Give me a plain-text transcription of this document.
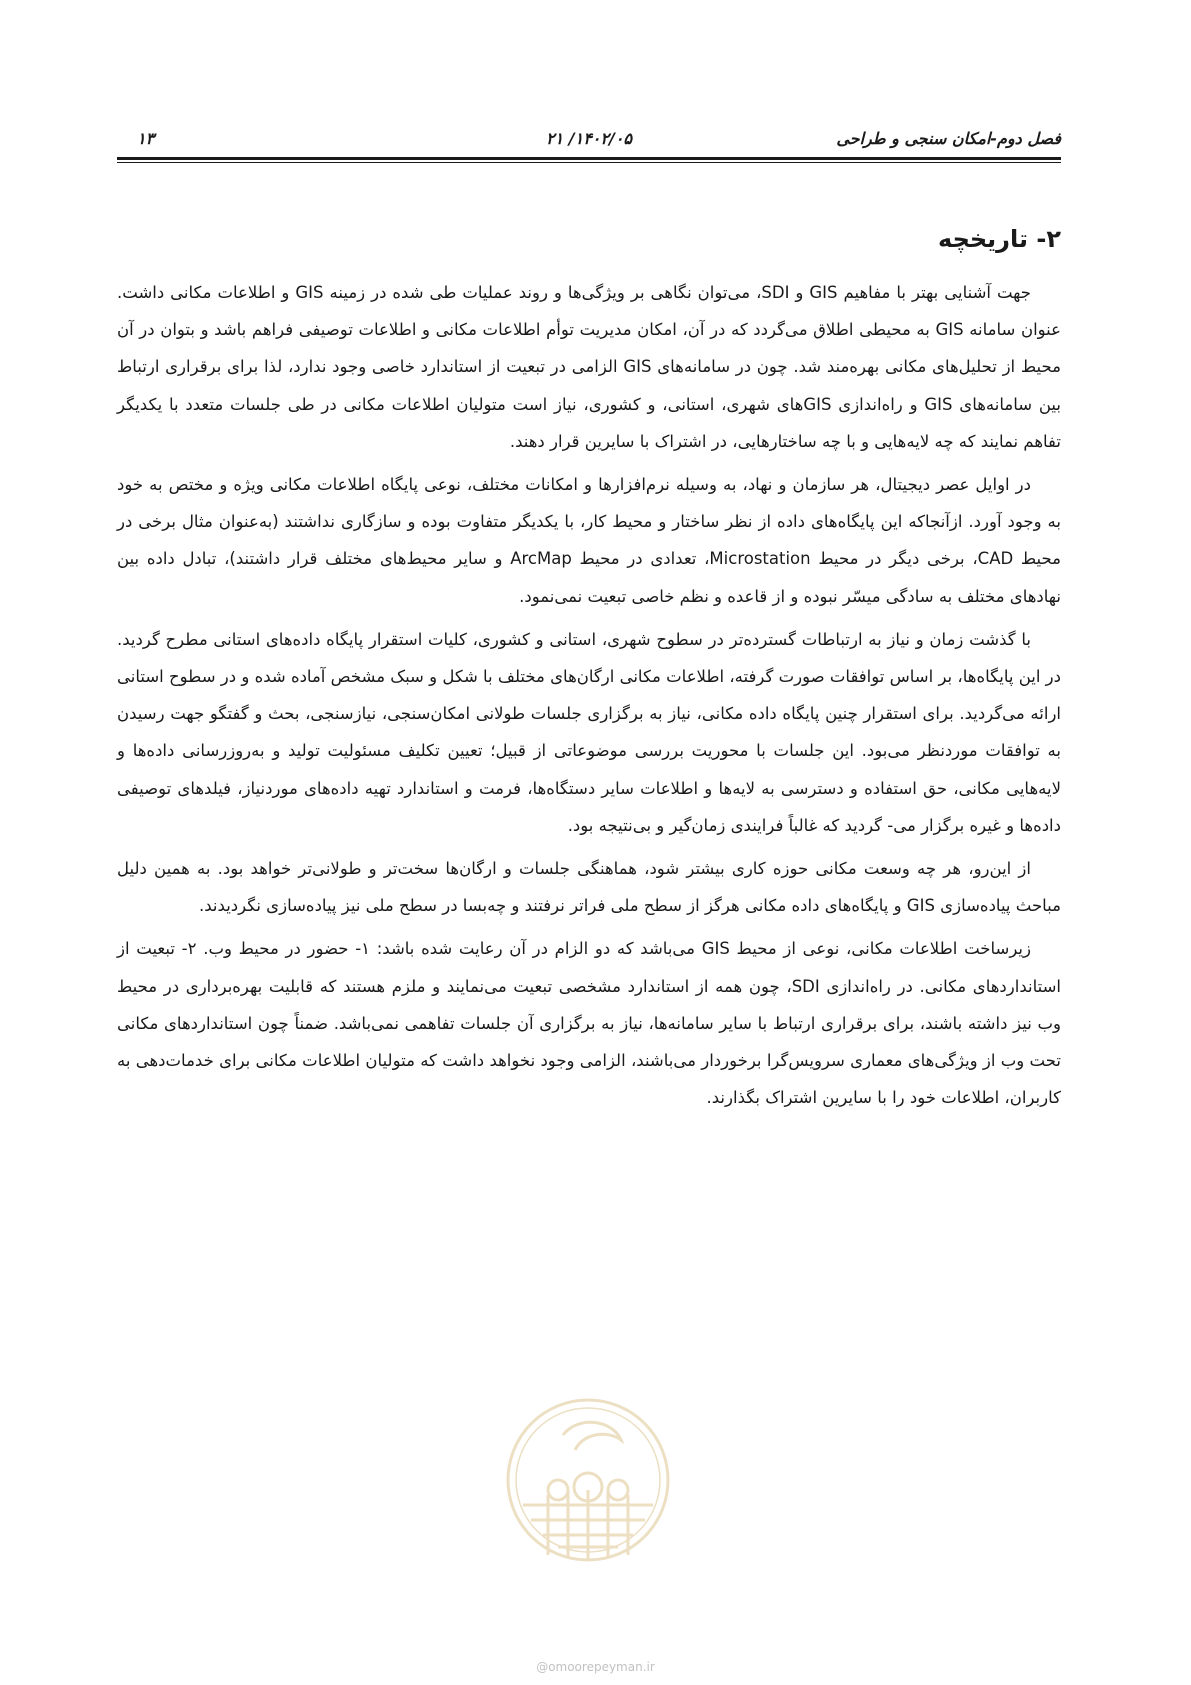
فصل دوم-امکان سنجی و طراحی
۱۴۰۲/۰۵/ ۲۱
۱۳
۲- تاریخچه

جهت آشنایی بهتر با مفاهیم GIS و SDI، می‌توان نگاهی بر ویژگی‌ها و روند عملیات طی شده در زمینه GIS و اطلاعات مکانی داشت. عنوان سامانه GIS به محیطی اطلاق می‌گردد که در آن، امکان مدیریت توأم اطلاعات مکانی و اطلاعات توصیفی فراهم باشد و بتوان در آن محیط از تحلیل‌های مکانی بهره‌مند شد. چون در سامانه‌های GIS الزامی در تبعیت از استاندارد خاصی وجود ندارد، لذا برای برقراری ارتباط بین سامانه‌های GIS و راه‌اندازی GISهای شهری، استانی، و کشوری، نیاز است متولیان اطلاعات مکانی در طی جلسات متعدد با یکدیگر تفاهم نمایند که چه لایه‌هایی و با چه ساختارهایی، در اشتراک با سایرین قرار دهند.

در اوایل عصر دیجیتال، هر سازمان و نهاد، به وسیله نرم‌افزارها و امکانات مختلف، نوعی پایگاه اطلاعات مکانی ویژه و مختص به خود به وجود آورد. ازآنجاکه این پایگاه‌های داده از نظر ساختار و محیط کار، با یکدیگر متفاوت بوده و سازگاری نداشتند (به‌عنوان مثال برخی در محیط CAD، برخی دیگر در محیط Microstation، تعدادی در محیط ArcMap و سایر محیط‌های مختلف قرار داشتند)، تبادل داده بین نهادهای مختلف به سادگی میسّر نبوده و از قاعده و نظم خاصی تبعیت نمی‌نمود.

با گذشت زمان و نیاز به ارتباطات گسترده‌تر در سطوح شهری، استانی و کشوری، کلیات استقرار پایگاه داده‌های استانی مطرح گردید. در این پایگاه‌ها، بر اساس توافقات صورت گرفته، اطلاعات مکانی ارگان‌های مختلف با شکل و سبک مشخص آماده شده و در سطوح استانی ارائه می‌گردید. برای استقرار چنین پایگاه داده مکانی، نیاز به برگزاری جلسات طولانی امکان‌سنجی، نیازسنجی، بحث و گفتگو جهت رسیدن به توافقات موردنظر می‌بود. این جلسات با محوریت بررسی موضوعاتی از قبیل؛ تعیین تکلیف مسئولیت تولید و به‌روزرسانی داده‌ها و لایه‌هایی مکانی، حق استفاده و دسترسی به لایه‌ها و اطلاعات سایر دستگاه‌ها، فرمت و استاندارد تهیه داده‌های موردنیاز، فیلدهای توصیفی داده‌ها و غیره برگزار می- گردید که غالباً فرایندی زمان‌گیر و بی‌نتیجه بود.

از این‌رو، هر چه وسعت مکانی حوزه کاری بیشتر شود، هماهنگی جلسات و ارگان‌ها سخت‌تر و طولانی‌تر خواهد بود. به همین دلیل مباحث پیاده‌سازی GIS و پایگاه‌های داده مکانی هرگز از سطح ملی فراتر نرفتند و چه‌بسا در سطح ملی نیز پیاده‌سازی نگردیدند.

زیرساخت اطلاعات مکانی، نوعی از محیط GIS می‌باشد که دو الزام در آن رعایت شده باشد: ۱- حضور در محیط وب. ۲- تبعیت از استانداردهای مکانی. در راه‌اندازی SDI، چون همه از استاندارد مشخصی تبعیت می‌نمایند و ملزم هستند که قابلیت بهره‌برداری در محیط وب نیز داشته باشند، برای برقراری ارتباط با سایر سامانه‌ها، نیاز به برگزاری آن جلسات تفاهمی نمی‌باشد. ضمناً چون استانداردهای مکانی تحت وب از ویژگی‌های معماری سرویس‌گرا برخوردار می‌باشند، الزامی وجود نخواهد داشت که متولیان اطلاعات مکانی برای خدمات‌دهی به کاربران، اطلاعات خود را با سایرین اشتراک بگذارند.

@omoorepeyman.ir
